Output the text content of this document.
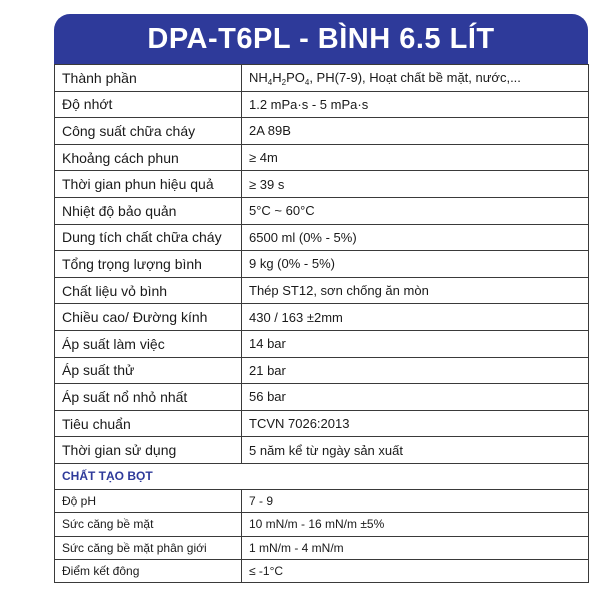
DPA-T6PL - BÌNH 6.5 LÍT
Thành phần	$NH_4H_2PO_4$, PH(7-9), Hoạt chất bề mặt, nước,...
Độ nhớt	1.2 mPa·s - 5 mPa·s
Công suất chữa cháy	2A 89B
Khoảng cách phun	≥ 4m
Thời gian phun hiệu quả	≥ 39 s
Nhiệt độ bảo quản	5°C ~ 60°C
Dung tích chất chữa cháy	6500 ml (0% - 5%)
Tổng trọng lượng bình	9 kg (0% - 5%)
Chất liệu vỏ bình	Thép ST12, sơn chống ăn mòn
Chiều cao/ Đường kính	430 / 163 ±2mm
Áp suất làm việc	14 bar
Áp suất thử	21 bar
Áp suất nổ nhỏ nhất	56 bar
Tiêu chuẩn	TCVN 7026:2013
Thời gian sử dụng	5 năm kể từ ngày sản xuất
CHẤT TẠO BỌT	
Độ pH	7 - 9
Sức căng bề mặt	10 mN/m - 16 mN/m ±5%
Sức căng bề mặt phân giới	1 mN/m - 4 mN/m
Điểm kết đông	≤ -1°C
